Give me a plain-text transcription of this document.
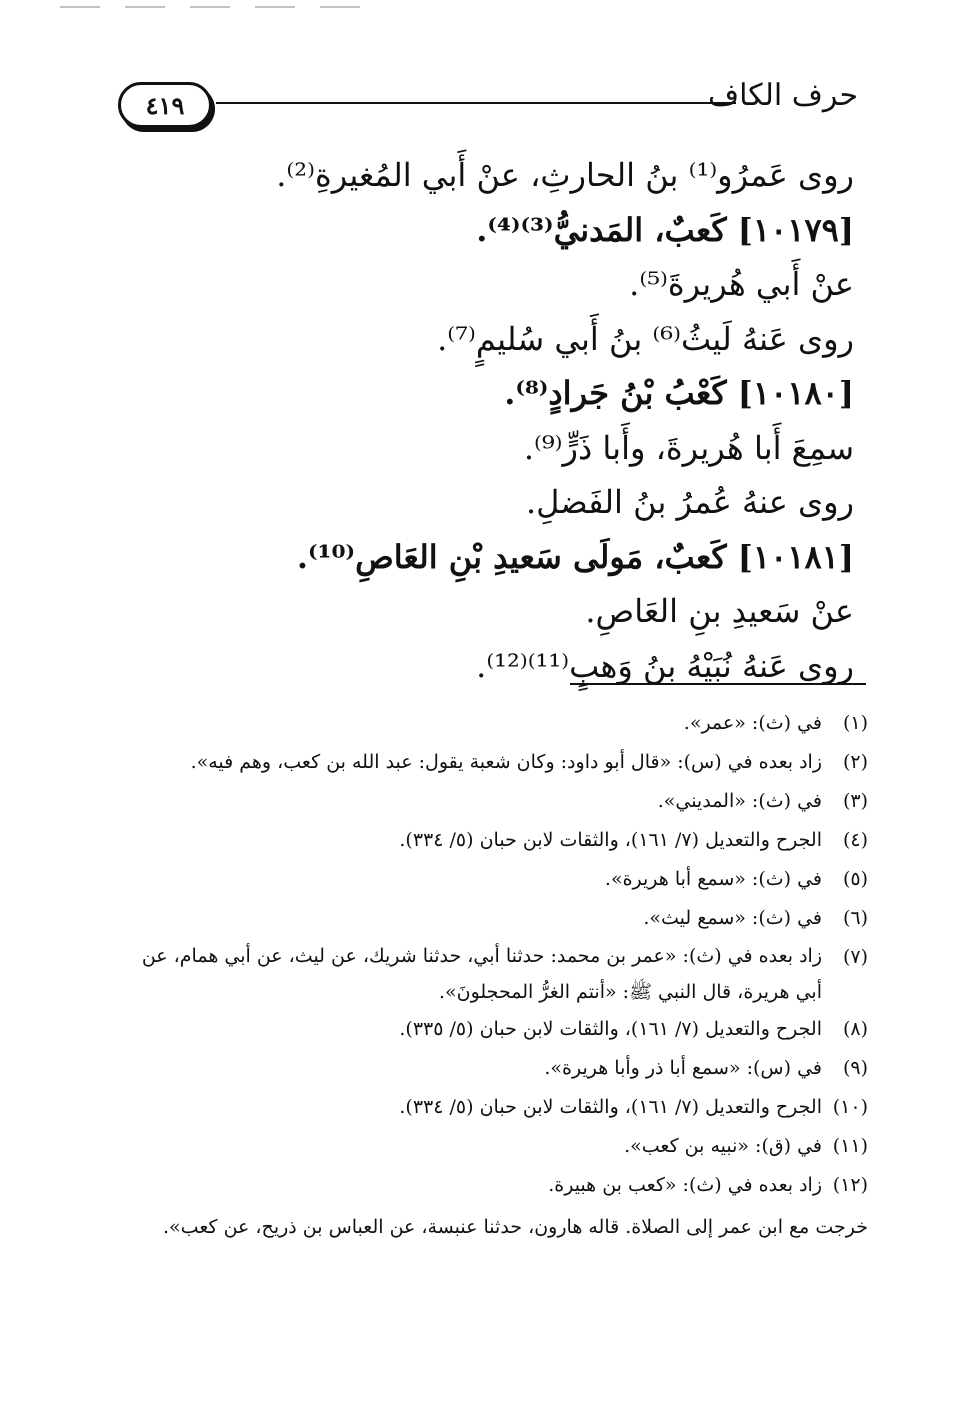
٤١٩	حرف الكاف
روى عَمرُو⁽¹⁾ بنُ الحارثِ، عنْ أَبي المُغيرةِ⁽²⁾.
[١٠١٧٩] كَعبٌ، المَدنيُّ⁽³⁾⁽⁴⁾.
عنْ أَبي هُريرةَ⁽⁵⁾.
روى عَنهُ لَيثُ⁽⁶⁾ بنُ أَبي سُليمٍ⁽⁷⁾.
[١٠١٨٠] كَعْبُ بْنُ جَرادٍ⁽⁸⁾.
سمِعَ أَبا هُريرةَ، وأَبا ذَرٍّ⁽⁹⁾.
روى عنهُ عُمرُ بنُ الفَضلِ.
[١٠١٨١] كَعبٌ، مَولَى سَعيدِ بْنِ العَاصِ⁽¹⁰⁾.
عنْ سَعيدِ بنِ العَاصِ.
روى عَنهُ نُبَيْهُ بنُ وَهبٍ⁽¹¹⁾⁽¹²⁾.
(١)
في (ث): «عمر».
(٢)
زاد بعده في (س): «قال أبو داود: وكان شعبة يقول: عبد الله بن كعب، وهم فيه».
(٣)
في (ث): «المديني».
(٤)
الجرح والتعديل (٧/ ١٦١)، والثقات لابن حبان (٥/ ٣٣٤).
(٥)
في (ث): «سمع أبا هريرة».
(٦)
في (ث): «سمع ليث».
(٧)
زاد بعده في (ث): «عمر بن محمد: حدثنا أبي، حدثنا شريك، عن ليث، عن أبي همام، عن أبي هريرة، قال النبي ﷺ: «أنتم الغرُّ المحجلونَ».
(٨)
الجرح والتعديل (٧/ ١٦١)، والثقات لابن حبان (٥/ ٣٣٥).
(٩)
في (س): «سمع أبا ذر وأبا هريرة».
(١٠)
الجرح والتعديل (٧/ ١٦١)، والثقات لابن حبان (٥/ ٣٣٤).
(١١)
في (ق): «نبيه بن كعب».
(١٢)
زاد بعده في (ث): «كعب بن هبيرة.
خرجت مع ابن عمر إلى الصلاة. قاله هارون، حدثنا عنبسة، عن العباس بن ذريح، عن كعب».
